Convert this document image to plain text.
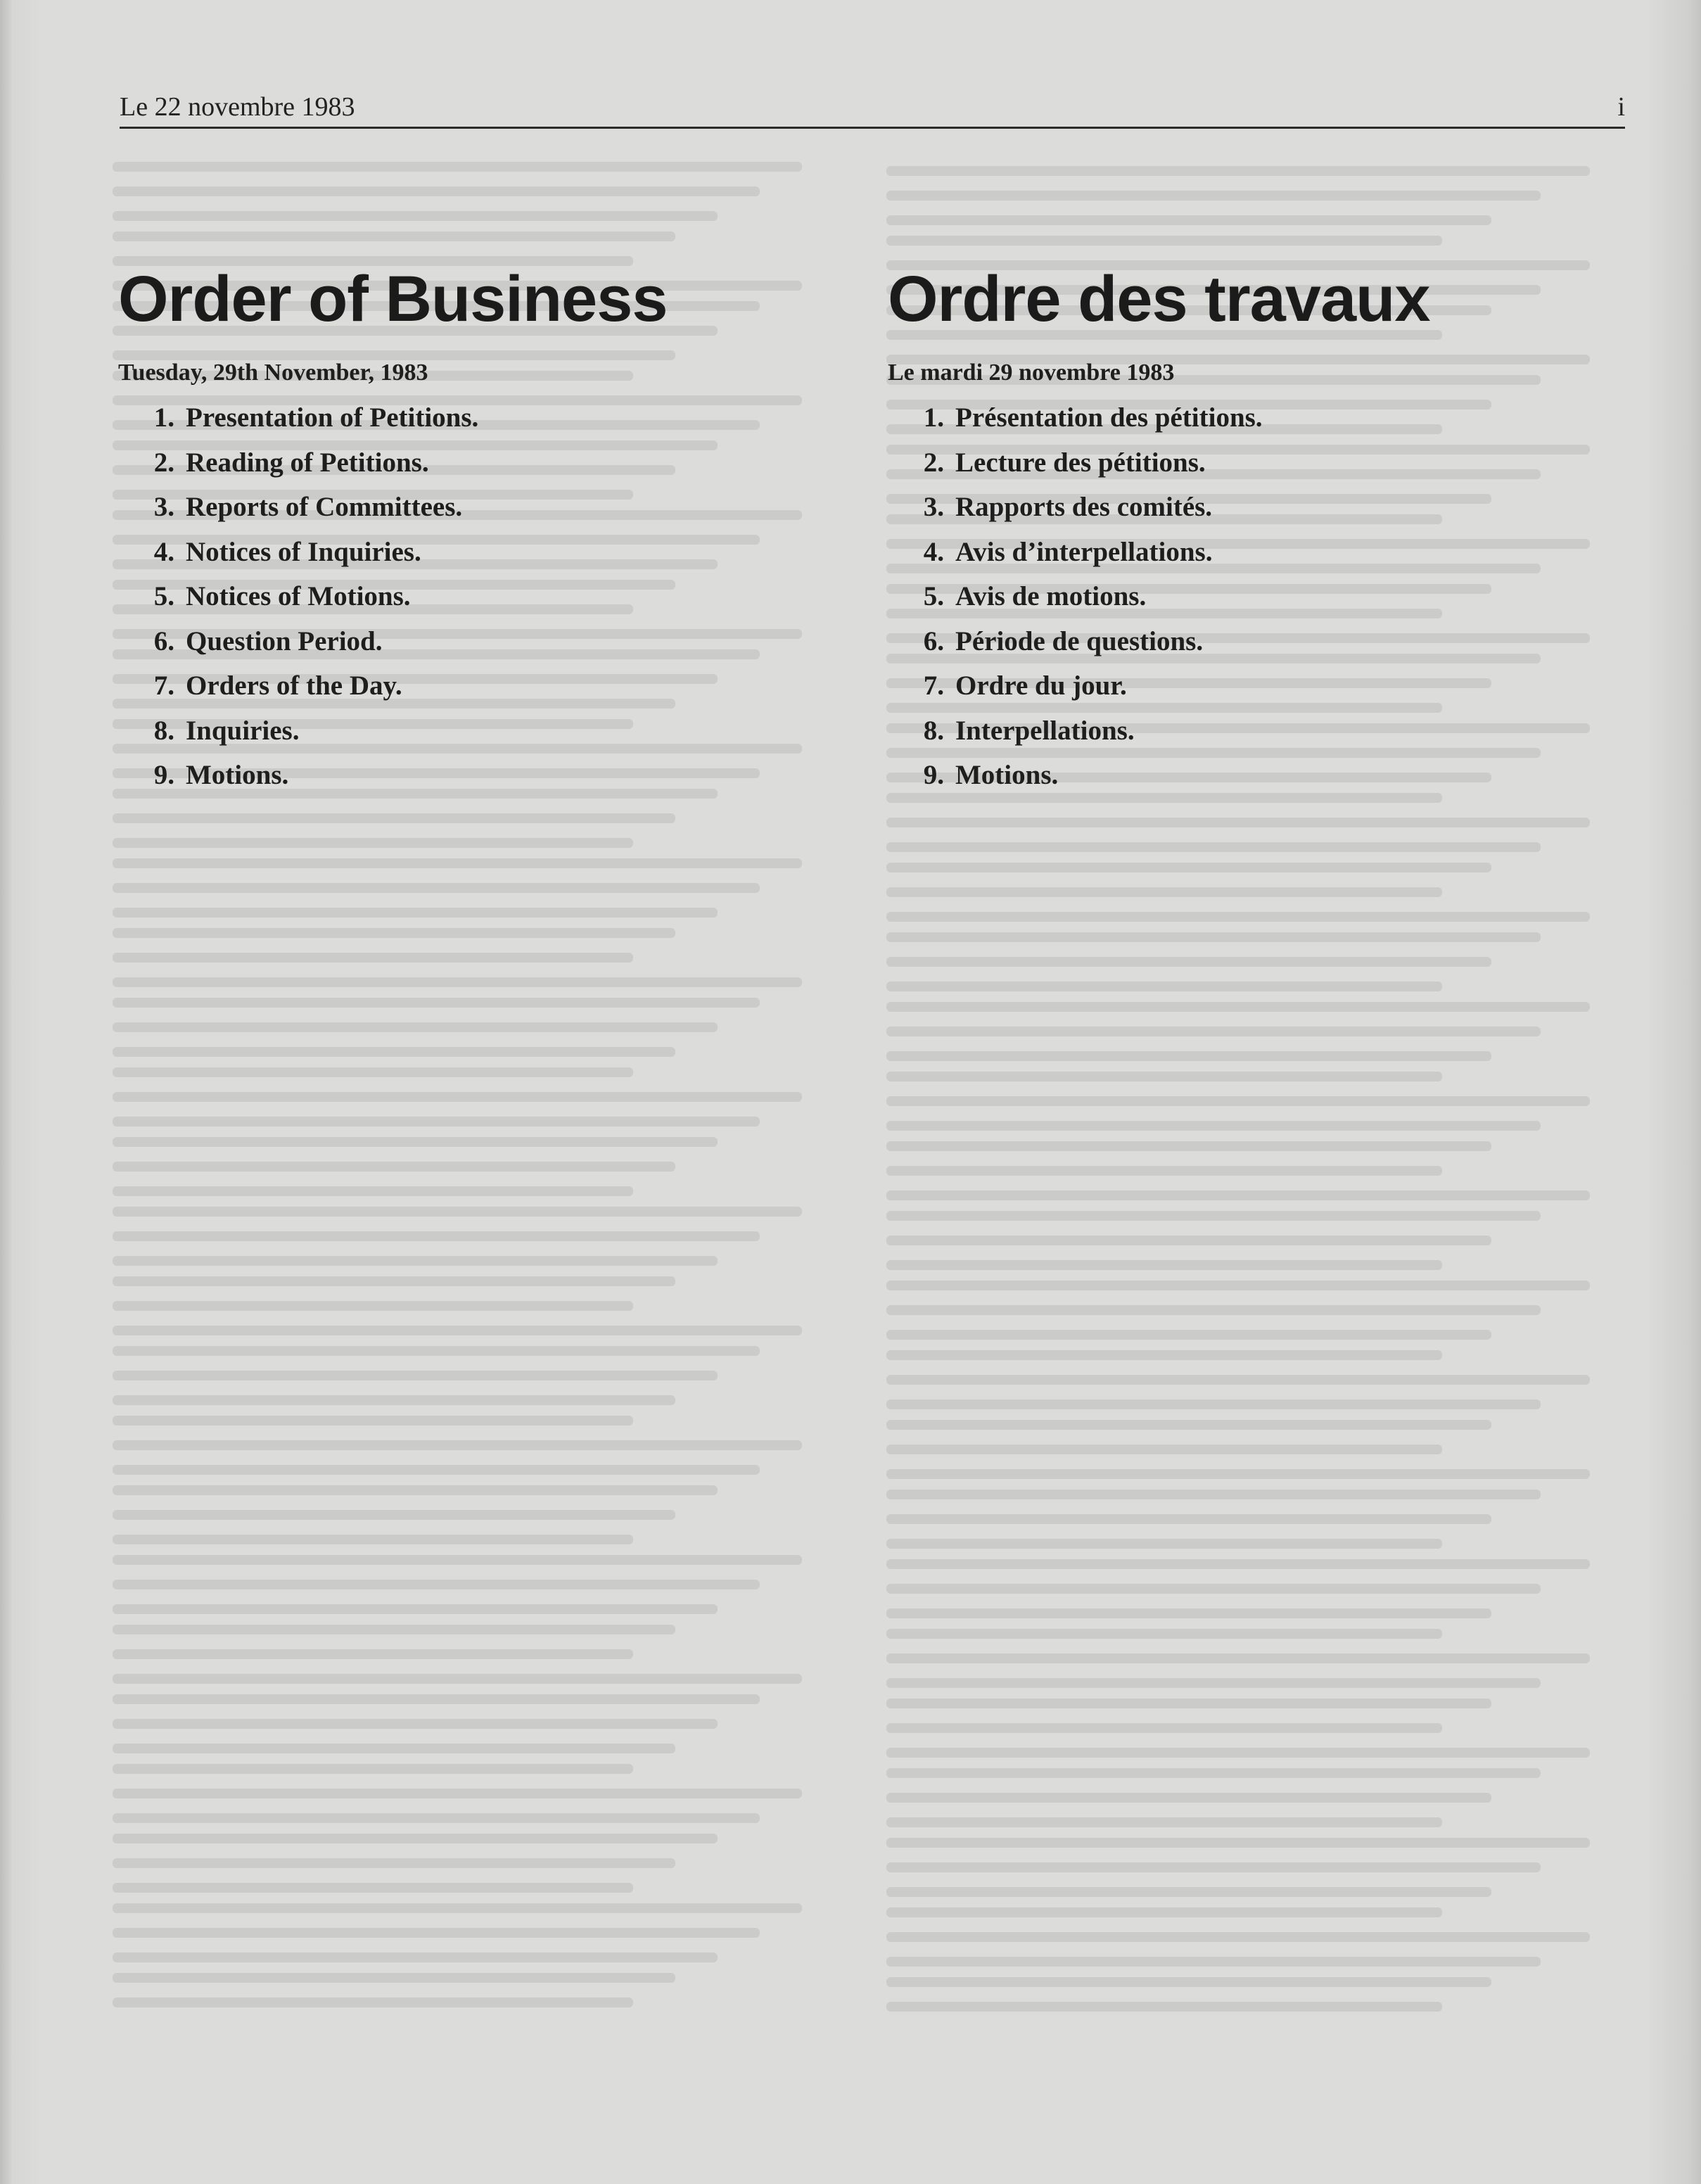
Le 22 novembre 1983	i
Order of Business
Tuesday, 29th November, 1983
1. Presentation of Petitions.
2. Reading of Petitions.
3. Reports of Committees.
4. Notices of Inquiries.
5. Notices of Motions.
6. Question Period.
7. Orders of the Day.
8. Inquiries.
9. Motions.
Ordre des travaux
Le mardi 29 novembre 1983
1. Présentation des pétitions.
2. Lecture des pétitions.
3. Rapports des comités.
4. Avis d’interpellations.
5. Avis de motions.
6. Période de questions.
7. Ordre du jour.
8. Interpellations.
9. Motions.
